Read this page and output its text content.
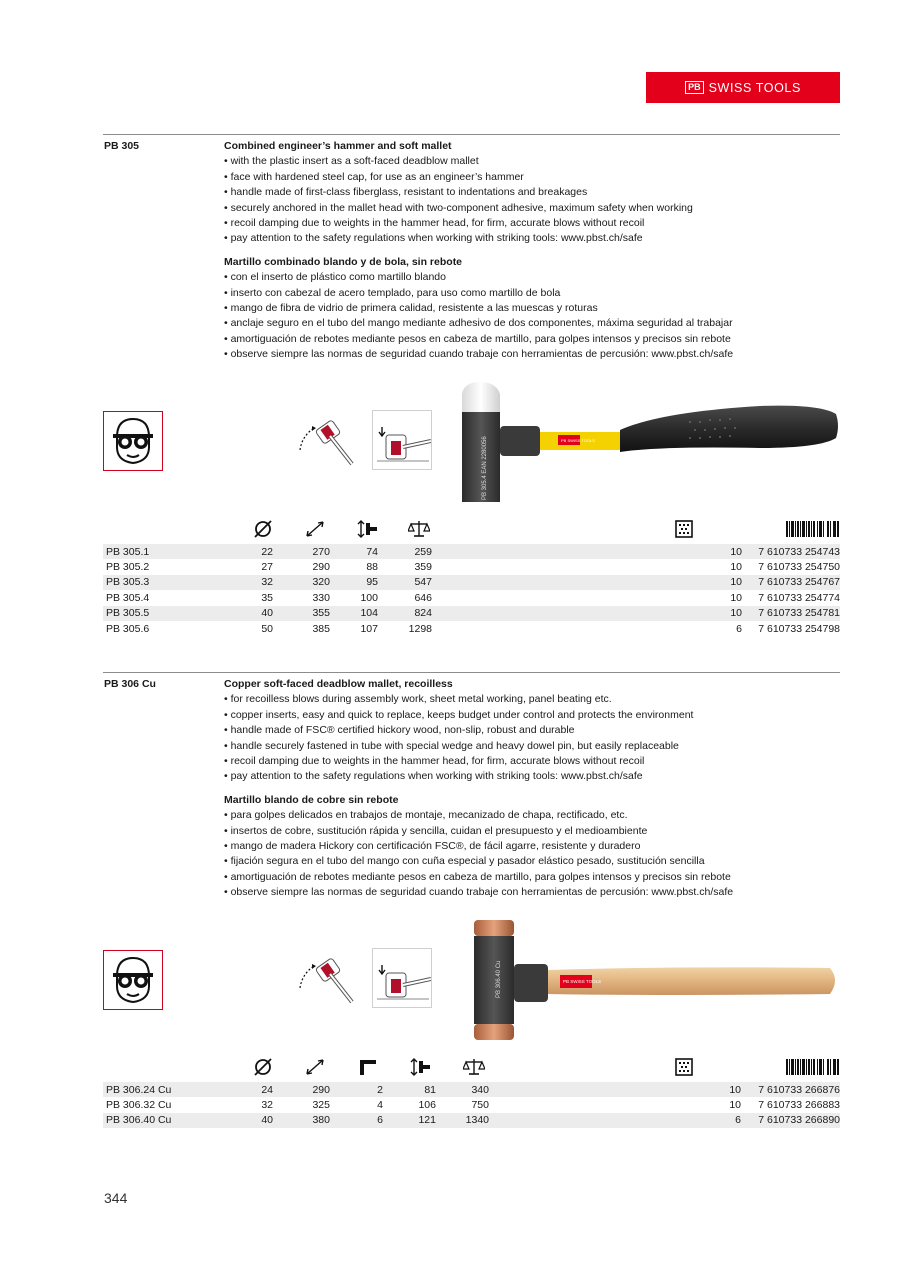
PB SWISS TOOLS
PB 305	Combined engineer’s hammer and soft mallet
• with the plastic insert as a soft-faced deadblow mallet
• face with hardened steel cap, for use as an engineer’s hammer
• handle made of first-class fiberglass, resistant to indentations and breakages
• securely anchored in the mallet head with two-component adhesive, maximum safety when working
• recoil damping due to weights in the hammer head, for firm, accurate blows without recoil
• pay attention to the safety regulations when working with striking tools: www.pbst.ch/safe
Martillo combinado blando y de bola, sin rebote
• con el inserto de plástico como martillo blando
• inserto con cabezal de acero templado, para uso como martillo de bola
• mango de fibra de vidrio de primera calidad, resistente a las muescas y roturas
• anclaje seguro en el tubo del mango mediante adhesivo de dos componentes, máxima seguridad al trabajar
• amortiguación de rebotes mediante pesos en cabeza de martillo, para golpes intensos y precisos sin rebote
• observe siempre las normas de seguridad cuando trabaje con herramientas de percusión: www.pbst.ch/safe
PB SWISS TOOLS
PB 305.4 EAN 2280056
PB 305.1	22	270	74	259		10	7 610733 254743
PB 305.2	27	290	88	359		10	7 610733 254750
PB 305.3	32	320	95	547		10	7 610733 254767
PB 305.4	35	330	100	646		10	7 610733 254774
PB 305.5	40	355	104	824		10	7 610733 254781
PB 305.6	50	385	107	1298		6	7 610733 254798
PB 306 Cu	Copper soft-faced deadblow mallet, recoilless
• for recoilless blows during assembly work, sheet metal working, panel beating etc.
• copper inserts, easy and quick to replace, keeps budget under control and protects the environment
• handle made of FSC® certified hickory wood, non-slip, robust and durable
• handle securely fastened in tube with special wedge and heavy dowel pin, but easily replaceable
• recoil damping due to weights in the hammer head, for firm, accurate blows without recoil
• pay attention to the safety regulations when working with striking tools: www.pbst.ch/safe
Martillo blando de cobre sin rebote
• para golpes delicados en trabajos de montaje, mecanizado de chapa, rectificado, etc.
• insertos de cobre, sustitución rápida y sencilla, cuidan el presupuesto y el medioambiente
• mango de madera Hickory con certificación FSC®, de fácil agarre, resistente y duradero
• fijación segura en el tubo del mango con cuña especial y pasador elástico pesado, sustitución sencilla
• amortiguación de rebotes mediante pesos en cabeza de martillo, para golpes intensos y precisos sin rebote
• observe siempre las normas de seguridad cuando trabaje con herramientas de percusión: www.pbst.ch/safe
PB SWISS TOOLS
PB 306.40 Cu
PB 306.24 Cu	24	290	2	81	340		10	7 610733 266876
PB 306.32 Cu	32	325	4	106	750		10	7 610733 266883
PB 306.40 Cu	40	380	6	121	1340		6	7 610733 266890
344
